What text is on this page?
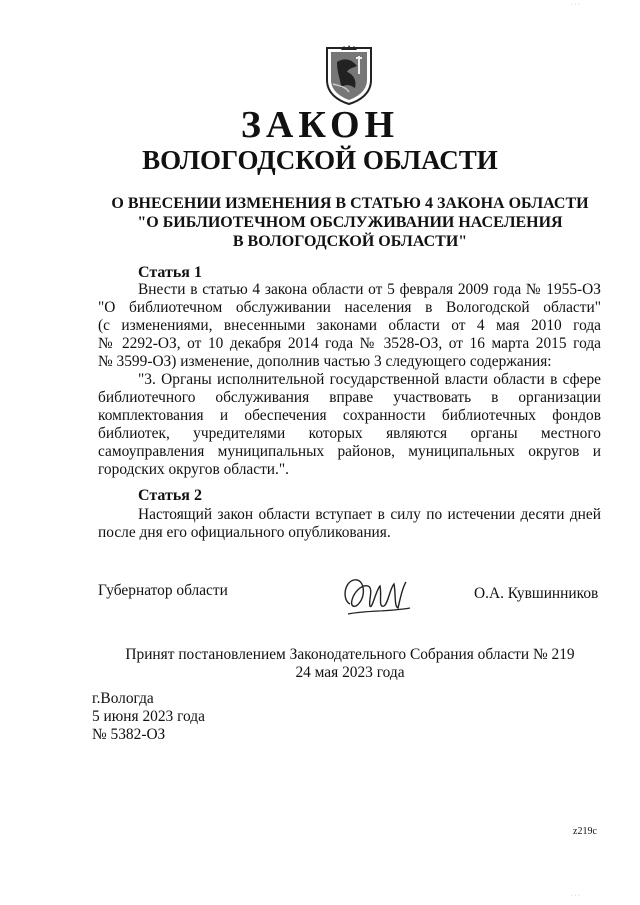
ЗАКОН
ВОЛОГОДСКОЙ ОБЛАСТИ
О ВНЕСЕНИИ ИЗМЕНЕНИЯ В СТАТЬЮ 4 ЗАКОНА ОБЛАСТИ
"О БИБЛИОТЕЧНОМ ОБСЛУЖИВАНИИ НАСЕЛЕНИЯ
В ВОЛОГОДСКОЙ ОБЛАСТИ"
Статья 1
Внести в статью 4 закона области от 5 февраля 2009 года № 1955-ОЗ
"О библиотечном обслуживании населения в Вологодской области"
(с изменениями, внесенными законами области от 4 мая 2010 года
№ 2292-ОЗ, от 10 декабря 2014 года № 3528-ОЗ, от 16 марта 2015 года
№ 3599-ОЗ) изменение, дополнив частью 3 следующего содержания:
"3. Органы исполнительной государственной власти области в сфере
библиотечного обслуживания вправе участвовать в организации
комплектования и обеспечения сохранности библиотечных фондов
библиотек, учредителями которых являются органы местного
самоуправления муниципальных районов, муниципальных округов и
городских округов области.".
Статья 2
Настоящий закон области вступает в силу по истечении десяти дней
после дня его официального опубликования.
Губернатор области	О.А. Кувшинников
Принят постановлением Законодательного Собрания области № 219
24 мая 2023 года
г.Вологда
5 июня 2023 года
№ 5382-ОЗ
z219c
· · ·
· · ·
